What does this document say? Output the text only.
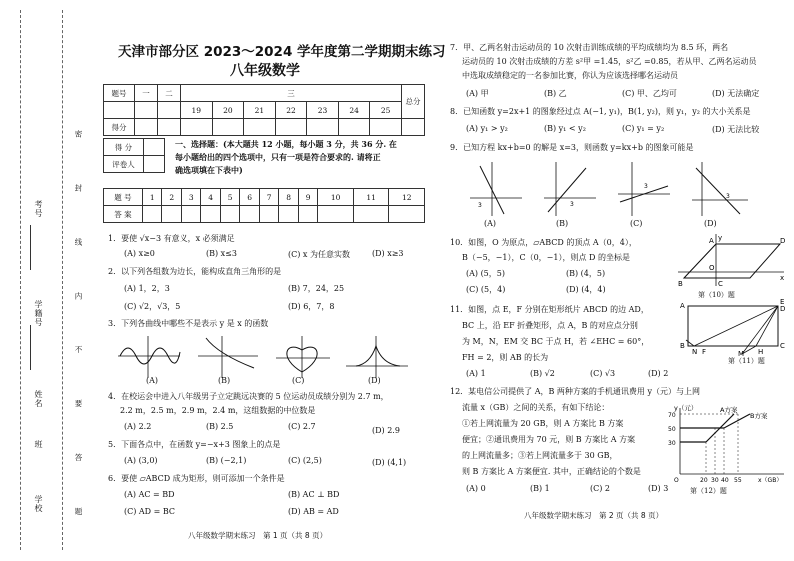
考号
学籍号
姓名
班
学校	密 封 线 内 不 要 答 题
天津市部分区 2023～2024 学年度第二学期期末练习
八年级数学
题号	一	二	三							总分
			19	20	21	22	23	24	25	
得分										
得 分	
评卷人	
一、选择题：(本大题共 12 小题，每小题 3 分，共 36 分. 在
每小题给出的四个选项中，只有一项是符合要求的. 请将正
确选项填在下表中)
题 号	1	2	3	4	5	6	7	8	9	10	11	12
答 案												
1．要使 √x−3 有意义，x 必须满足
(A) x≥0	(B) x≤3	(C) x 为任意实数	(D) x≥3
2．以下列各组数为边长，能构成直角三角形的是
(A) 1，2，3	(B) 7，24，25
(C) √2，√3，5	(D) 6，7，8
3．下列各曲线中哪些不是表示 y 是 x 的函数
(A)	(B)	(C)	(D)
4．在校运会中进入八年级男子立定跳远决赛的 5 位运动员成绩分别为 2.7 m，
2.2 m，2.5 m，2.9 m，2.4 m，这组数据的中位数是
(A) 2.2	(B) 2.5	(C) 2.7	(D) 2.9
5．下面各点中，在函数 y=−x+3 图象上的点是
(A) (3,0)	(B) (−2,1)	(C) (2,5)	(D) (4,1)
6．要使 ▱ABCD 成为矩形，则可添加一个条件是
(A) AC = BD	(B) AC ⊥ BD
(C) AD = BC	(D) AB = AD
八年级数学期末练习　第 1 页（共 8 页）
7．甲、乙两名射击运动员的 10 次射击训练成绩的平均成绩均为 8.5 环，两名
运动员的 10 次射击成绩的方差 s²甲 =1.45，s²乙 =0.85，若从甲、乙两名运动员
中选取成绩稳定的一名参加比赛，你认为应该选择哪名运动员
(A) 甲	(B) 乙	(C) 甲、乙均可	(D) 无法确定
8．已知函数 y=2x+1 的图象经过点 A(−1, y₁)，B(1, y₂)，则 y₁，y₂ 的大小关系是
(A) y₁ > y₂	(B) y₁ < y₂	(C) y₁ = y₂	(D) 无法比较
9．已知方程 kx+b=0 的解是 x=3，则函数 y=kx+b 的图象可能是
3	3
3
3
(A)	(B)	(C)	(D)
10．如图，O 为原点，▱ABCD 的顶点 A（0，4），
B（−5，−1），C（0，−1），则点 D 的坐标是
(A) (5，5)	(B) (4，5)
(C) (5，4)	(D) (4，4)
A	D
B	C
O
x
y
第（10）题
11．如图，点 E，F 分别在矩形纸片 ABCD 的边 AD，
BC 上，沿 EF 折叠矩形，点 A，B 的对应点分别
为 M，N，EM 交 BC 于点 H，若 ∠EHC = 60°，
FH = 2，则 AB 的长为
(A) 1	(B) √2	(C) √3	(D) 2
A	E
D
B
N	H
C
M
F
第（11）题
12．某电信公司提供了 A，B 两种方案的手机通讯费用 y（元）与上网
流量 x（GB）之间的关系，有如下结论：
①若上网流量为 20 GB，则 A 方案比 B 方案
便宜；②通讯费用为 70 元，则 B 方案比 A 方案
的上网流量多；③若上网流量多于 30 GB，
则 B 方案比 A 方案便宜. 其中，正确结论的个数是
(A) 0	(B) 1	(C) 2	(D) 3
y（元）
70
50
30
O	20 30 40 55	x（GB）
A方案
B方案
第（12）题
八年级数学期末练习　第 2 页（共 8 页）
